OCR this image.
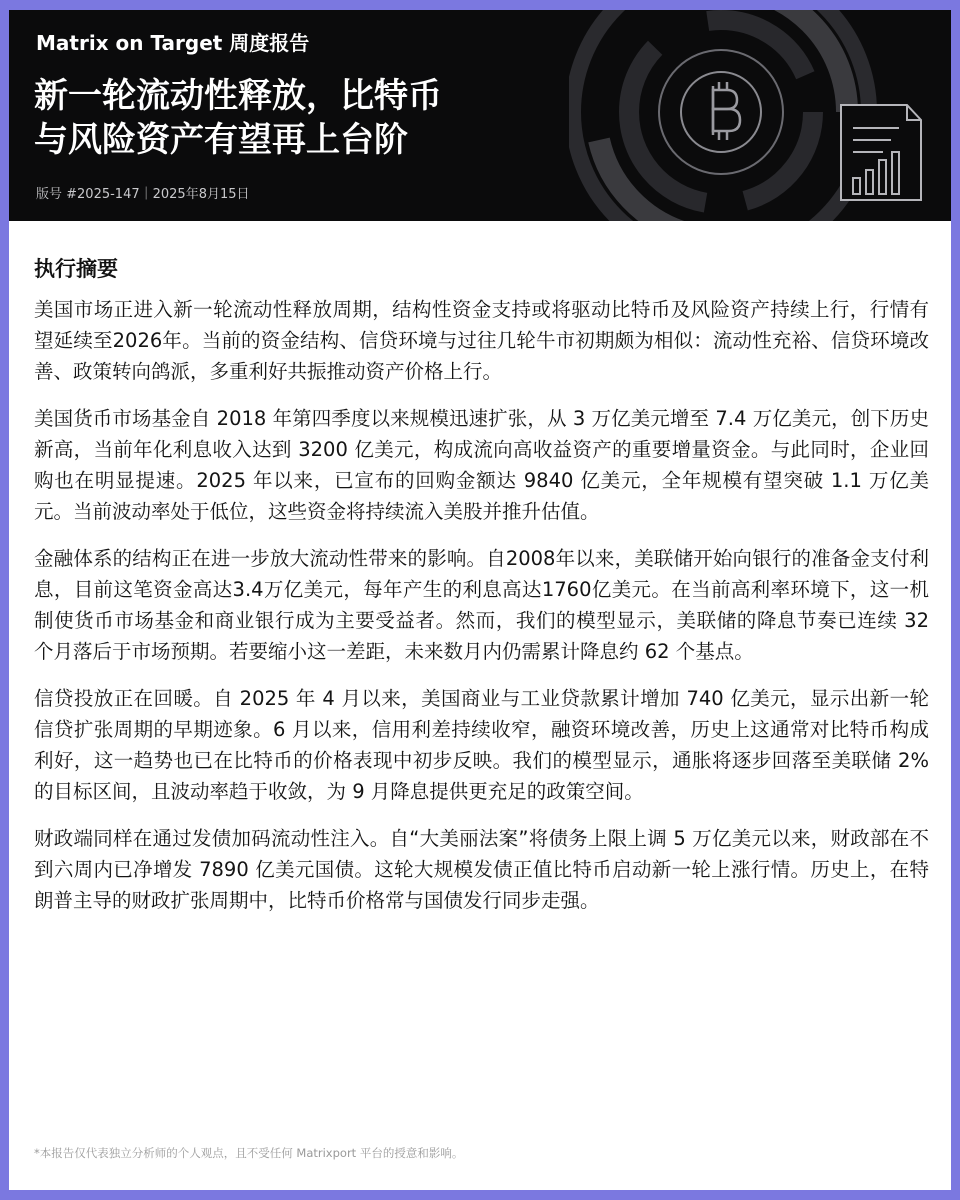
Matrix on Target 周度报告
新一轮流动性释放，比特币
与风险资产有望再上台阶

版号 #2025-147｜2025年8月15日

执行摘要

美国市场正进入新一轮流动性释放周期，结构性资金支持或将驱动比特币及风险资产持续上行，行情有望延续至2026年。当前的资金结构、信贷环境与过往几轮牛市初期颇为相似：流动性充裕、信贷环境改善、政策转向鸽派，多重利好共振推动资产价格上行。

美国货币市场基金自 2018 年第四季度以来规模迅速扩张，从 3 万亿美元增至 7.4 万亿美元，创下历史新高，当前年化利息收入达到 3200 亿美元，构成流向高收益资产的重要增量资金。与此同时，企业回购也在明显提速。2025 年以来，已宣布的回购金额达 9840 亿美元，全年规模有望突破 1.1 万亿美元。当前波动率处于低位，这些资金将持续流入美股并推升估值。

金融体系的结构正在进一步放大流动性带来的影响。自2008年以来，美联储开始向银行的准备金支付利息，目前这笔资金高达3.4万亿美元，每年产生的利息高达1760亿美元。在当前高利率环境下，这一机制使货币市场基金和商业银行成为主要受益者。然而，我们的模型显示，美联储的降息节奏已连续 32 个月落后于市场预期。若要缩小这一差距，未来数月内仍需累计降息约 62 个基点。

信贷投放正在回暖。自 2025 年 4 月以来，美国商业与工业贷款累计增加 740 亿美元，显示出新一轮信贷扩张周期的早期迹象。6 月以来，信用利差持续收窄，融资环境改善，历史上这通常对比特币构成利好，这一趋势也已在比特币的价格表现中初步反映。我们的模型显示，通胀将逐步回落至美联储 2% 的目标区间，且波动率趋于收敛，为 9 月降息提供更充足的政策空间。

财政端同样在通过发债加码流动性注入。自“大美丽法案”将债务上限上调 5 万亿美元以来，财政部在不到六周内已净增发 7890 亿美元国债。这轮大规模发债正值比特币启动新一轮上涨行情。历史上，在特朗普主导的财政扩张周期中，比特币价格常与国债发行同步走强。

*本报告仅代表独立分析师的个人观点，且不受任何 Matrixport 平台的授意和影响。
